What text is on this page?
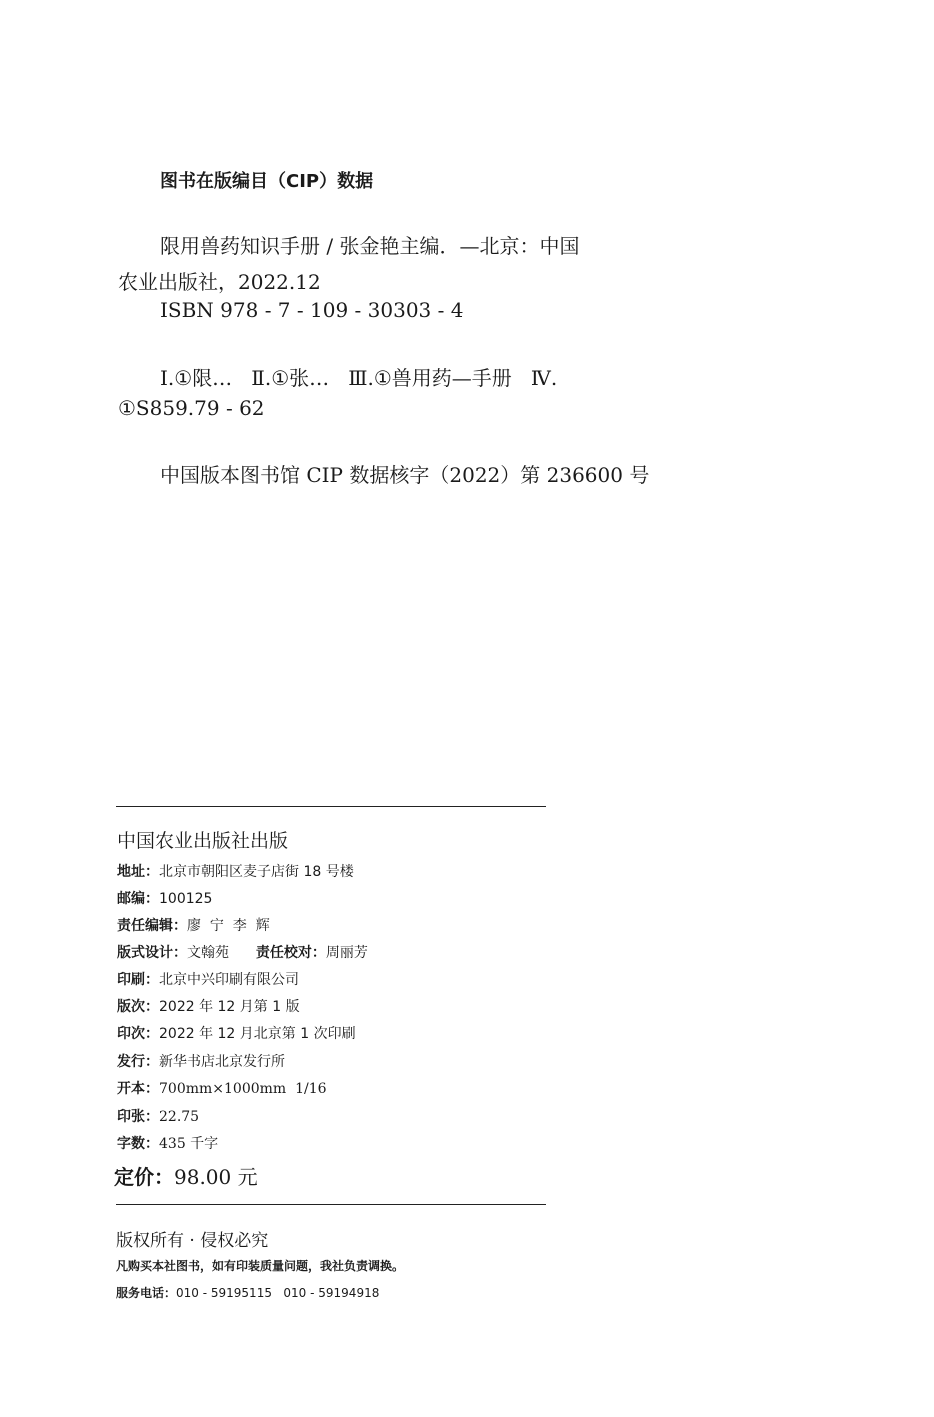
图书在版编目（CIP）数据
限用兽药知识手册 / 张金艳主编．—北京：中国
农业出版社，2022.12
ISBN 978 - 7 - 109 - 30303 - 4
Ⅰ.①限…   Ⅱ.①张…   Ⅲ.①兽用药—手册   Ⅳ.
①S859.79 - 62
中国版本图书馆 CIP 数据核字（2022）第 236600 号
中国农业出版社出版
地址：北京市朝阳区麦子店街 18 号楼
邮编：100125
责任编辑：廖  宁  李  辉
版式设计：文翰苑 责任校对：周丽芳
印刷：北京中兴印刷有限公司
版次：2022 年 12 月第 1 版
印次：2022 年 12 月北京第 1 次印刷
发行：新华书店北京发行所
开本：700mm×1000mm  1/16
印张：22.75
字数：435 千字
定价：98.00 元
版权所有 · 侵权必究
凡购买本社图书，如有印装质量问题，我社负责调换。
服务电话：010 - 59195115   010 - 59194918
